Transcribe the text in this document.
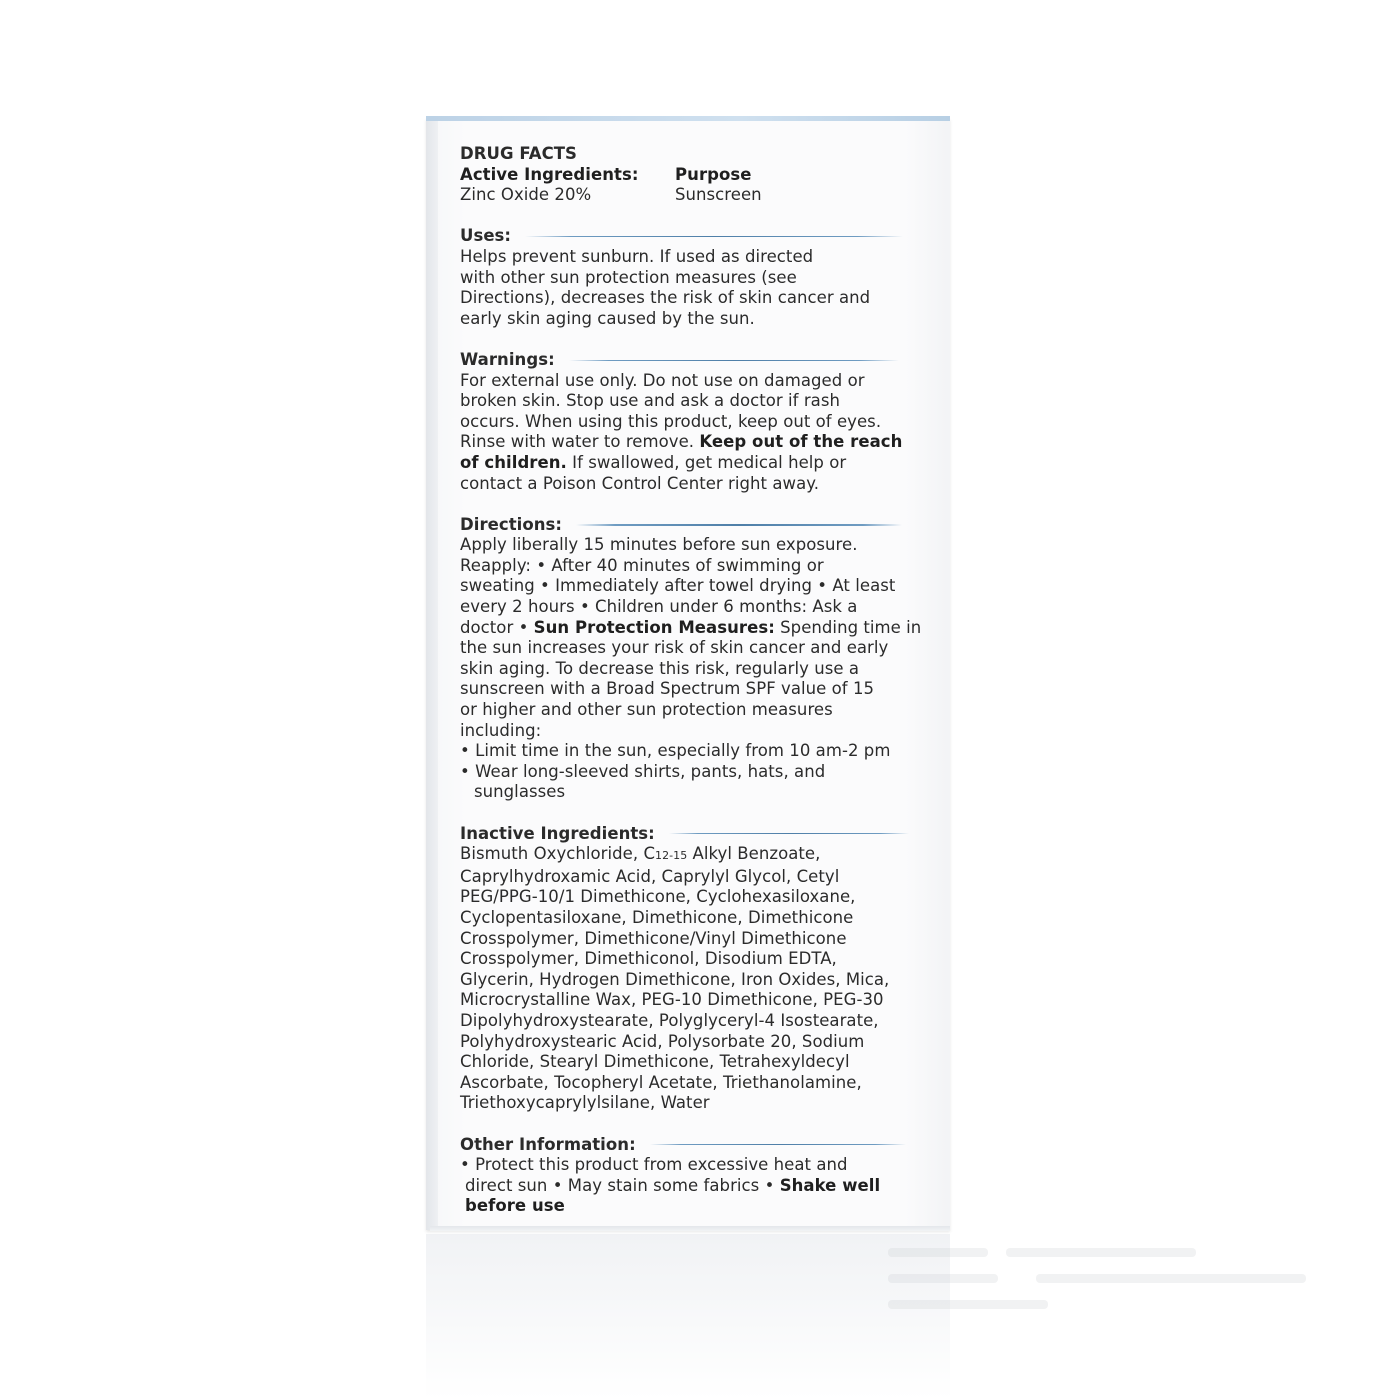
DRUG FACTS
Active Ingredients:	Purpose
Zinc Oxide 20%	Sunscreen
Uses:
Helps prevent sunburn. If used as directed
with other sun protection measures (see
Directions), decreases the risk of skin cancer and
early skin aging caused by the sun.
Warnings:
For external use only. Do not use on damaged or
broken skin. Stop use and ask a doctor if rash
occurs. When using this product, keep out of eyes.
Rinse with water to remove. Keep out of the reach
of children. If swallowed, get medical help or
contact a Poison Control Center right away.
Directions:
Apply liberally 15 minutes before sun exposure.
Reapply: • After 40 minutes of swimming or
sweating • Immediately after towel drying • At least
every 2 hours • Children under 6 months: Ask a
doctor • Sun Protection Measures: Spending time in
the sun increases your risk of skin cancer and early
skin aging. To decrease this risk, regularly use a
sunscreen with a Broad Spectrum SPF value of 15
or higher and other sun protection measures
including:
• Limit time in the sun, especially from 10 am-2 pm
• Wear long-sleeved shirts, pants, hats, and
sunglasses
Inactive Ingredients:
Bismuth Oxychloride, C12-15 Alkyl Benzoate,
Caprylhydroxamic Acid, Caprylyl Glycol, Cetyl
PEG/PPG-10/1 Dimethicone, Cyclohexasiloxane,
Cyclopentasiloxane, Dimethicone, Dimethicone
Crosspolymer, Dimethicone/Vinyl Dimethicone
Crosspolymer, Dimethiconol, Disodium EDTA,
Glycerin, Hydrogen Dimethicone, Iron Oxides, Mica,
Microcrystalline Wax, PEG-10 Dimethicone, PEG-30
Dipolyhydroxystearate, Polyglyceryl-4 Isostearate,
Polyhydroxystearic Acid, Polysorbate 20, Sodium
Chloride, Stearyl Dimethicone, Tetrahexyldecyl
Ascorbate, Tocopheryl Acetate, Triethanolamine,
Triethoxycaprylylsilane, Water
Other Information:
• Protect this product from excessive heat and
direct sun • May stain some fabrics • Shake well
before use
